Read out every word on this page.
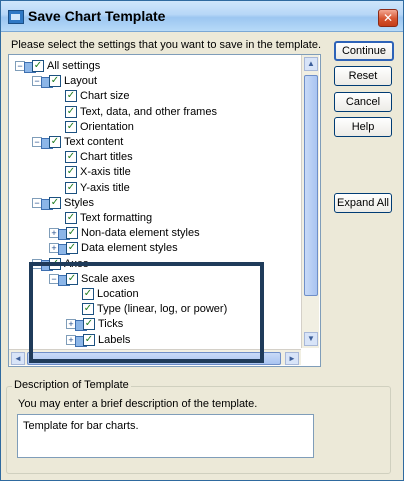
Save Chart Template	✕
Please select the settings that you want to save in the template.
− ✓ All settings
− ✓ Layout
✓ Chart size
✓ Text, data, and other frames
✓ Orientation
− ✓ Text content
✓ Chart titles
✓ X-axis title
✓ Y-axis title
− ✓ Styles
✓ Text formatting
+ ✓ Non-data element styles
+ ✓ Data element styles
− ✓ Axes
− ✓ Scale axes
✓ Location
✓ Type (linear, log, or power)
+ ✓ Ticks
+ ✓ Labels
▲
▼
◄	►
Continue
Reset
Cancel
Help
Expand All
Description of Template
You may enter a brief description of the template.
Template for bar charts.
